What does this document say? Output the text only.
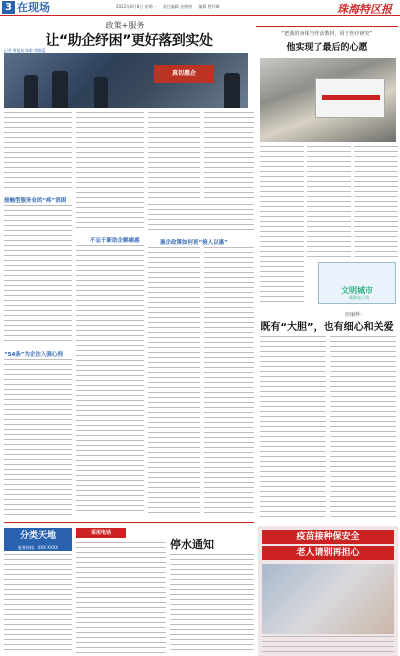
3 在现场	2022年8月8日 星期一 责任编辑 金格格 编辑 楚玲峰	珠海特区报
政策+服务
让“助企纾困”更好落到实处
记者 黄旭初 陈醉 徐颖蓝
真切惠企
接触型服务业的“疼”消困
不忘于新助企解痛惑
“54条”为企注入强心剂
惠企政策如何更“接人以惠”
“把我的身体当作活教材，用于医疗研究”
他实现了最后的心愿
文明城市
珠海在行动
应丽珍：
既有“大胆”，也有细心和关爱
分类天地
服务热线：0XX XXXX
采用电话
停水通知
疫苗接种保安全
老人请别再担心
